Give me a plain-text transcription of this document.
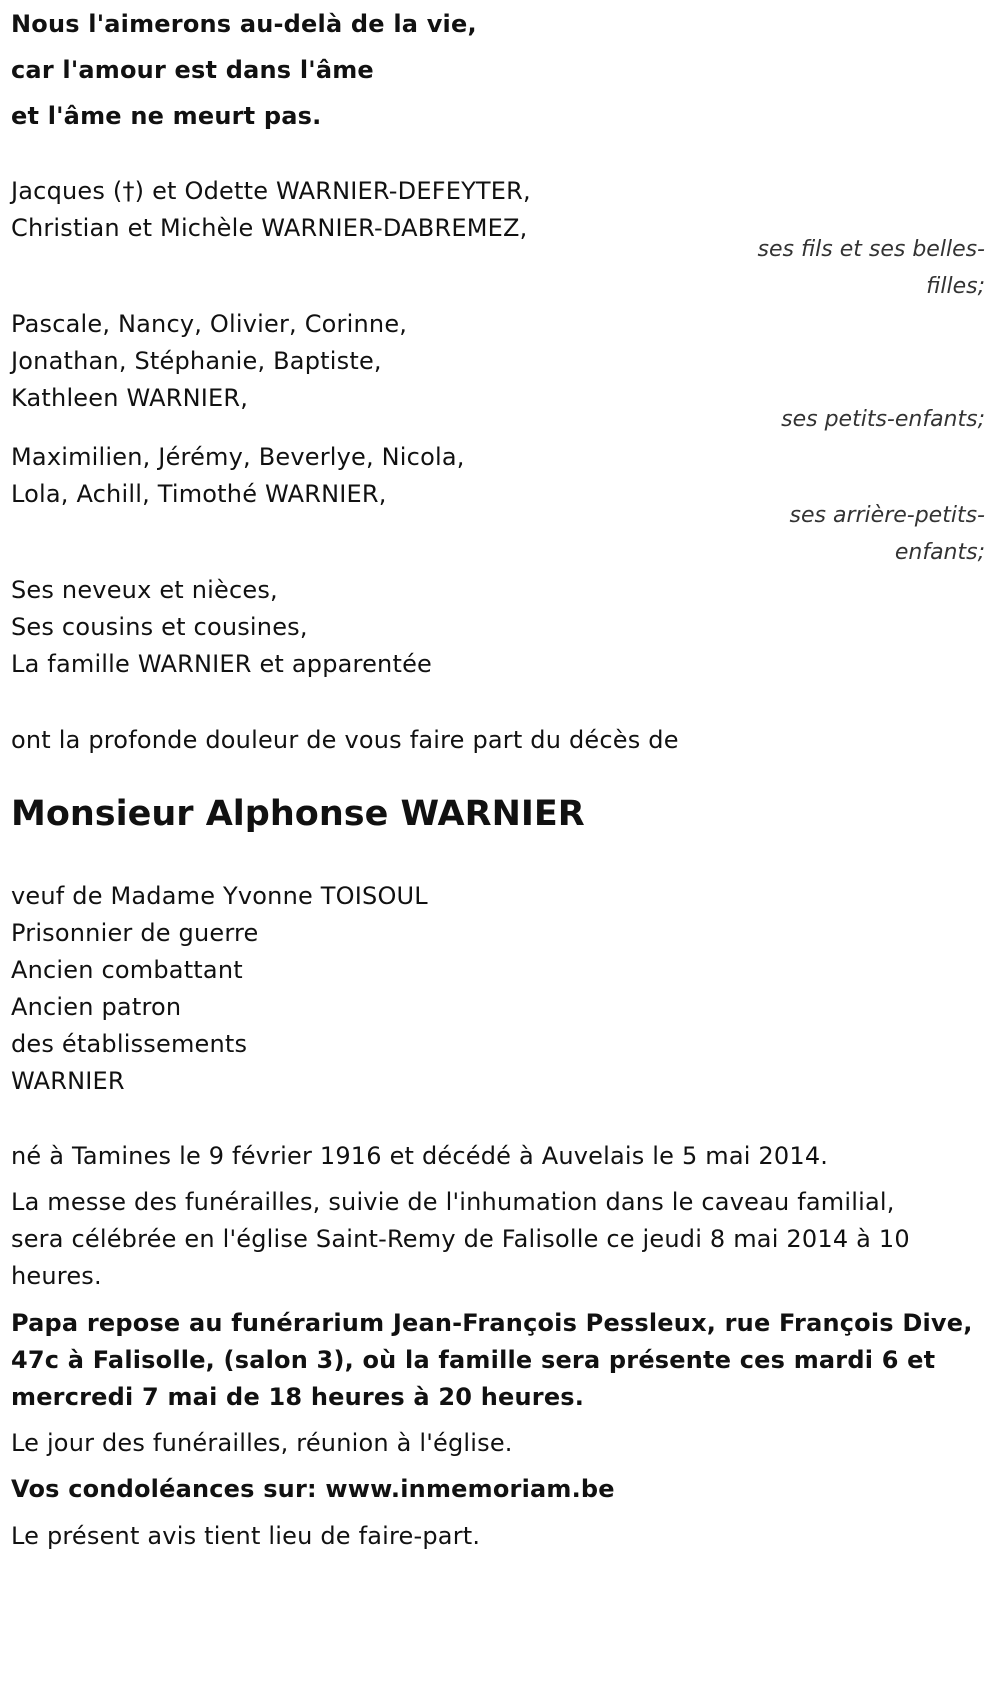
Nous l'aimerons au-delà de la vie,
car l'amour est dans l'âme
et l'âme ne meurt pas.
Jacques (†) et Odette WARNIER-DEFEYTER,
Christian et Michèle WARNIER-DABREMEZ,
ses fils et ses belles-
filles;
Pascale, Nancy, Olivier, Corinne,
Jonathan, Stéphanie, Baptiste,
Kathleen WARNIER,
ses petits-enfants;
Maximilien, Jérémy, Beverlye, Nicola,
Lola, Achill, Timothé WARNIER,
ses arrière-petits-
enfants;
Ses neveux et nièces,
Ses cousins et cousines,
La famille WARNIER et apparentée
ont la profonde douleur de vous faire part du décès de
Monsieur Alphonse WARNIER
veuf de Madame Yvonne TOISOUL
Prisonnier de guerre
Ancien combattant
Ancien patron
des établissements
WARNIER
né à Tamines le 9 février 1916 et décédé à Auvelais le 5 mai 2014.
La messe des funérailles, suivie de l'inhumation dans le caveau familial,
sera célébrée en l'église Saint-Remy de Falisolle ce jeudi 8 mai 2014 à 10
heures.
Papa repose au funérarium Jean-François Pessleux, rue François Dive,
47c à Falisolle, (salon 3), où la famille sera présente ces mardi 6 et
mercredi 7 mai de 18 heures à 20 heures.
Le jour des funérailles, réunion à l'église.
Vos condoléances sur: www.inmemoriam.be
Le présent avis tient lieu de faire-part.
